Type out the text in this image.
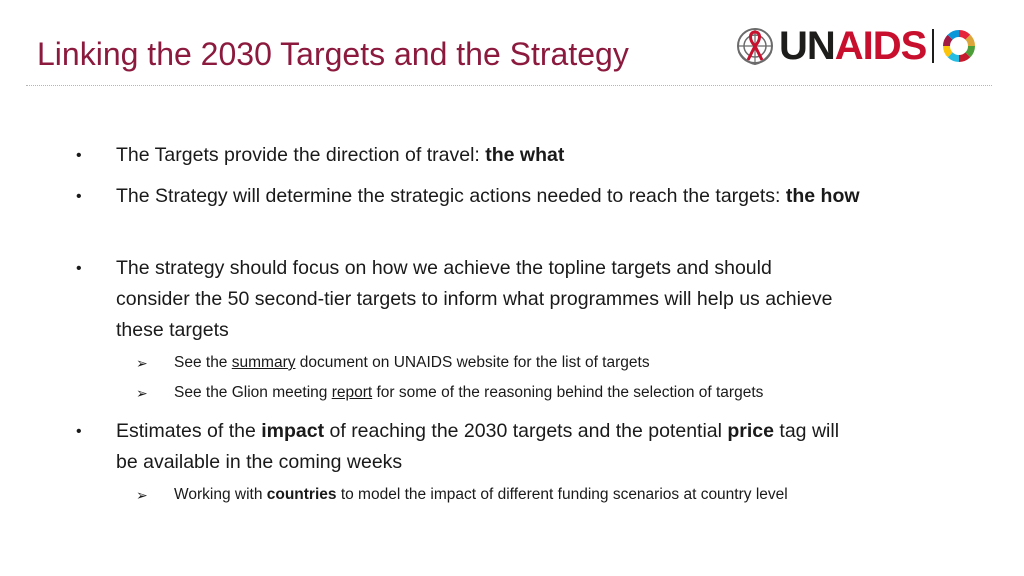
Linking the 2030 Targets and the Strategy	UNAIDS
• The Targets provide the direction of travel: the what
• The Strategy will determine the strategic actions needed to reach the targets: the how
• The strategy should focus on how we achieve the topline targets and should consider the 50 second-tier targets to inform what programmes will help us achieve these targets
➢ See the summary document on UNAIDS website for the list of targets
➢ See the Glion meeting report for some of the reasoning behind the selection of targets
• Estimates of the impact of reaching the 2030 targets and the potential price tag will be available in the coming weeks
➢ Working with countries to model the impact of different funding scenarios at country level
